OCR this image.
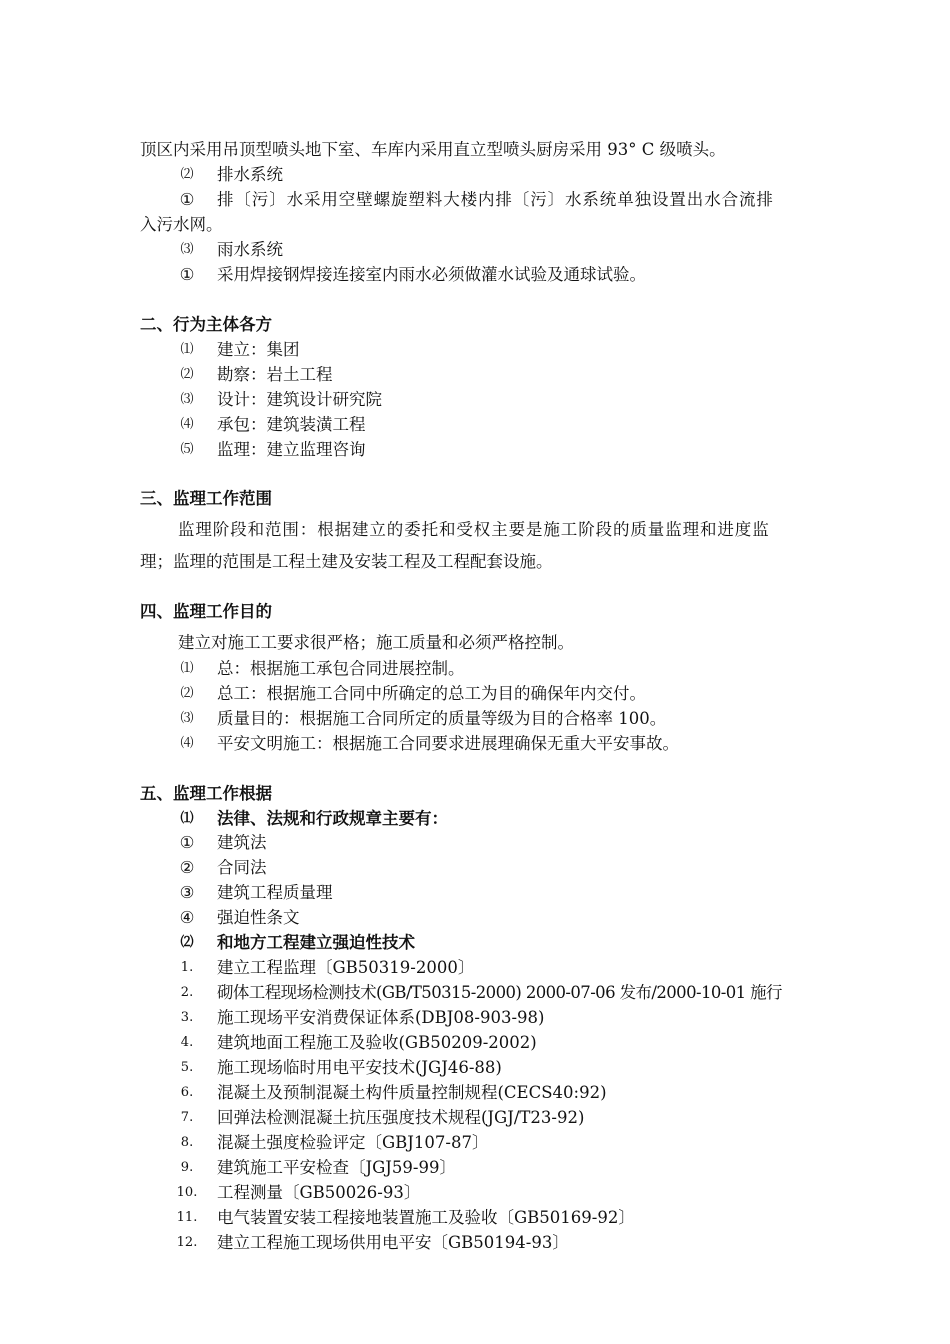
顶区内采用吊顶型喷头地下室、车库内采用直立型喷头厨房采用 93° C 级喷头。
⑵	排水系统
①	排〔污〕水采用空壁螺旋塑料大楼内排〔污〕水系统单独设置出水合流排
入污水网。
⑶	雨水系统
①	采用焊接钢焊接连接室内雨水必须做灌水试验及通球试验。
二、行为主体各方
⑴	建立：集团
⑵	勘察：岩土工程
⑶	设计：建筑设计研究院
⑷	承包：建筑装潢工程
⑸	监理：建立监理咨询
三、监理工作范围
监理阶段和范围：根据建立的委托和受权主要是施工阶段的质量监理和进度监
理；监理的范围是工程土建及安装工程及工程配套设施。
四、监理工作目的
建立对施工工要求很严格；施工质量和必须严格控制。
⑴	总：根据施工承包合同进展控制。
⑵	总工：根据施工合同中所确定的总工为目的确保年内交付。
⑶	质量目的：根据施工合同所定的质量等级为目的合格率 100。
⑷	平安文明施工：根据施工合同要求进展理确保无重大平安事故。
五、监理工作根据
⑴	法律、法规和行政规章主要有：
①	建筑法
②	合同法
③	建筑工程质量理
④	强迫性条文
⑵	和地方工程建立强迫性技术
1.	建立工程监理〔GB50319-2000〕
2.	砌体工程现场检测技术(GB/T50315-2000) 2000-07-06 发布/2000-10-01 施行
3.	施工现场平安消费保证体系(DBJ08-903-98)
4.	建筑地面工程施工及验收(GB50209-2002)
5.	施工现场临时用电平安技术(JGJ46-88)
6.	混凝土及预制混凝土构件质量控制规程(CECS40:92)
7.	回弹法检测混凝土抗压强度技术规程(JGJ/T23-92)
8.	混凝土强度检验评定〔GBJ107-87〕
9.	建筑施工平安检查〔JGJ59-99〕
10. 工程测量〔GB50026-93〕
11. 电气装置安装工程接地装置施工及验收〔GB50169-92〕
12. 建立工程施工现场供用电平安〔GB50194-93〕
